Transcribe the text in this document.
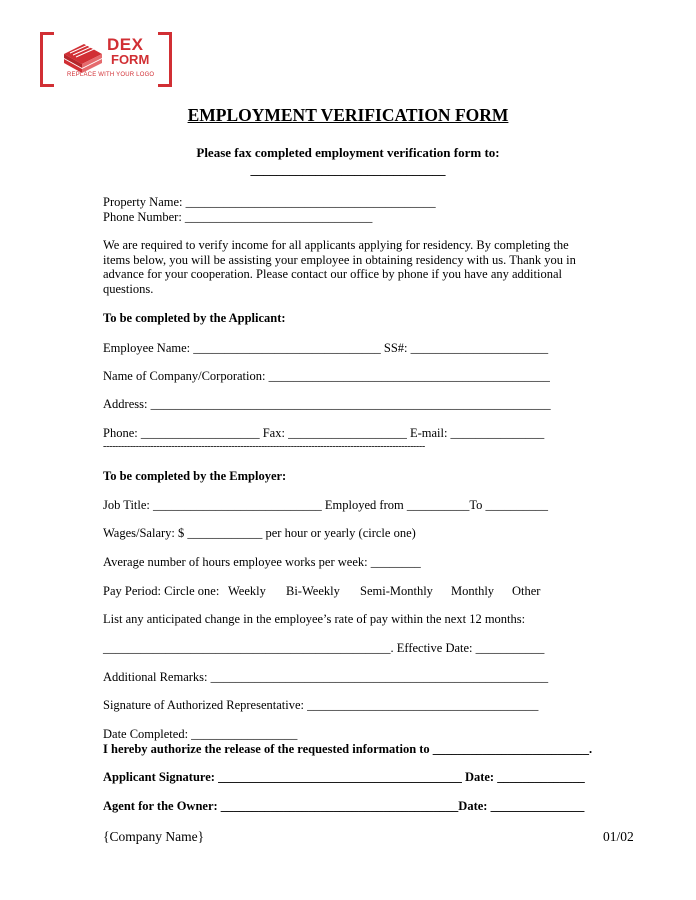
DEX
FORM
REPLACE WITH YOUR LOGO
EMPLOYMENT VERIFICATION FORM
Please fax completed employment verification form to:
______________________________
Property Name: ________________________________________
Phone Number: ______________________________
We are required to verify income for all applicants applying for residency. By completing the items below, you will be assisting your employee in obtaining residency with us. Thank you in advance for your cooperation. Please contact our office by phone if you have any additional questions.
To be completed by the Applicant:
Employee Name: ______________________________ SS#: ______________________
Name of Company/Corporation: _____________________________________________
Address: ________________________________________________________________
Phone: ___________________ Fax: ___________________ E-mail: _______________
------------------------------------------------------------------------------------------------------------
To be completed by the Employer:
Job Title: ___________________________ Employed from __________To __________
Wages/Salary: $ ____________ per hour or yearly (circle one)
Average number of hours employee works per week: ________
Pay Period: Circle one: Weekly Bi-Weekly Semi-Monthly Monthly Other
List any anticipated change in the employee’s rate of pay within the next 12 months:
______________________________________________. Effective Date: ___________
Additional Remarks: ______________________________________________________
Signature of Authorized Representative: _____________________________________
Date Completed: _________________
I hereby authorize the release of the requested information to _________________________.
Applicant Signature: _______________________________________ Date: ______________
Agent for the Owner: ______________________________________Date: _______________
{Company Name}	01/02
